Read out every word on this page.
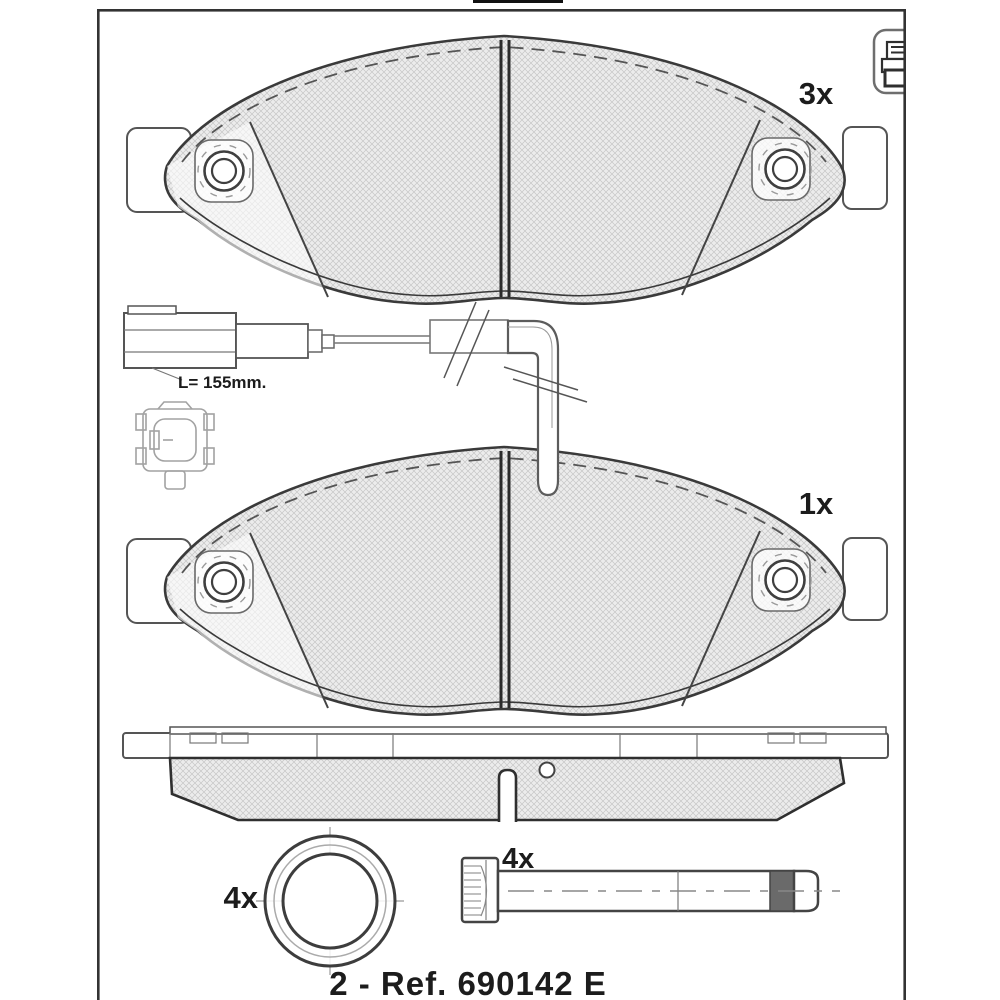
3x
1x
L= 155mm.
4x
4x
2 - Ref. 690142 E
